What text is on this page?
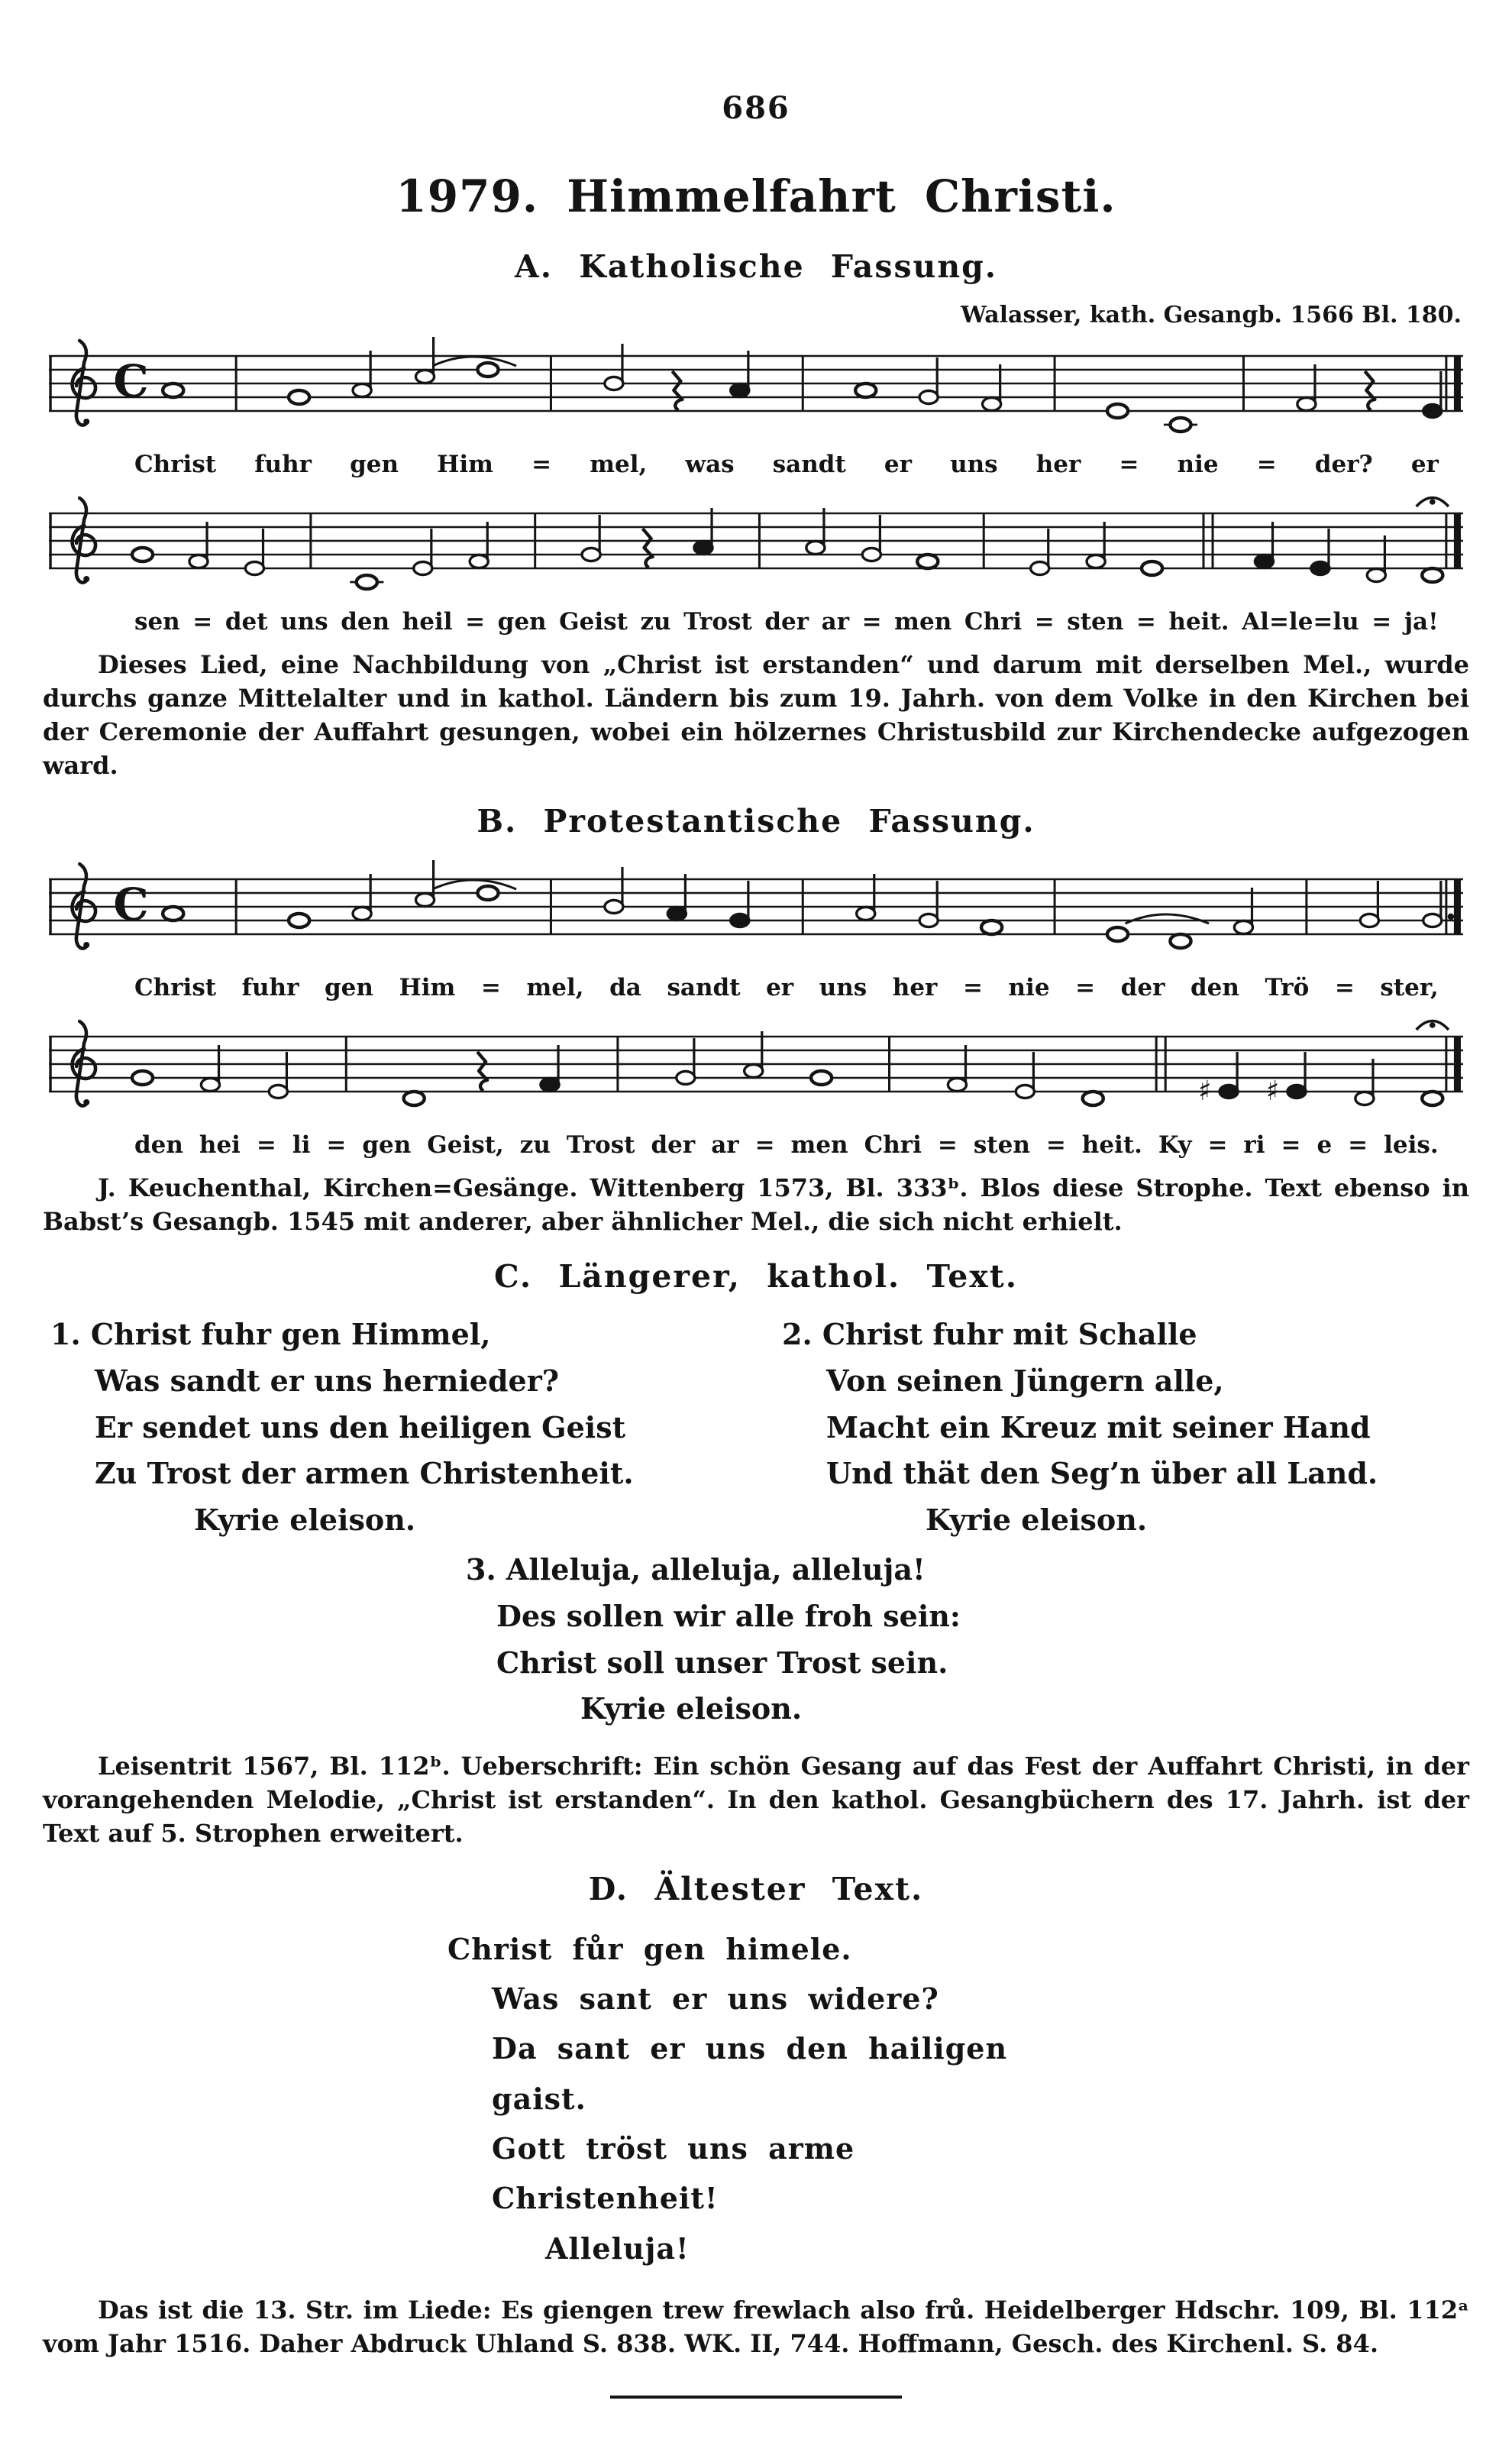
686
1979. Himmelfahrt Christi.
A. Katholische Fassung.
Walasser, kath. Gesangb. 1566 Bl. 180.
C
Christ fuhr gen Him = mel, was sandt er uns her = nie = der? er
sen = det uns den heil = gen Geist zu Trost der ar = men Chri = sten = heit. Al=le=lu = ja!

Dieses Lied, eine Nachbildung von „Christ ist erstanden“ und darum mit derselben Mel., wurde durchs ganze Mittelalter und in kathol. Ländern bis zum 19. Jahrh. von dem Volke in den Kirchen bei der Ceremonie der Auffahrt gesungen, wobei ein hölzernes Christusbild zur Kirchendecke aufgezogen ward.

B. Protestantische Fassung.
C
Christ fuhr gen Him = mel, da sandt er uns her = nie = der den Trö = ster,
♯ ♯
den hei = li = gen Geist, zu Trost der ar = men Chri = sten = heit. Ky = ri = e = leis.

J. Keuchenthal, Kirchen=Gesänge. Wittenberg 1573, Bl. 333ᵇ. Blos diese Strophe. Text ebenso in Babst’s Gesangb. 1545 mit anderer, aber ähnlicher Mel., die sich nicht erhielt.

C. Längerer, kathol. Text.
1. Christ fuhr gen Himmel,
Was sandt er uns hernieder?
Er sendet uns den heiligen Geist
Zu Trost der armen Christenheit.
Kyrie eleison.
2. Christ fuhr mit Schalle
Von seinen Jüngern alle,
Macht ein Kreuz mit seiner Hand
Und thät den Seg’n über all Land.
Kyrie eleison.
3. Alleluja, alleluja, alleluja!
Des sollen wir alle froh sein:
Christ soll unser Trost sein.
Kyrie eleison.

Leisentrit 1567, Bl. 112ᵇ. Ueberschrift: Ein schön Gesang auf das Fest der Auffahrt Christi, in der vorangehenden Melodie, „Christ ist erstanden“. In den kathol. Gesangbüchern des 17. Jahrh. ist der Text auf 5. Strophen erweitert.

D. Ältester Text.
Christ fůr gen himele.
Was sant er uns widere?
Da sant er uns den hailigen gaist.
Gott tröst uns arme Christenheit!
Alleluja!

Das ist die 13. Str. im Liede: Es giengen trew frewlach also frů. Heidelberger Hdschr. 109, Bl. 112ᵃ vom Jahr 1516. Daher Abdruck Uhland S. 838. WK. II, 744. Hoffmann, Gesch. des Kirchenl. S. 84.
